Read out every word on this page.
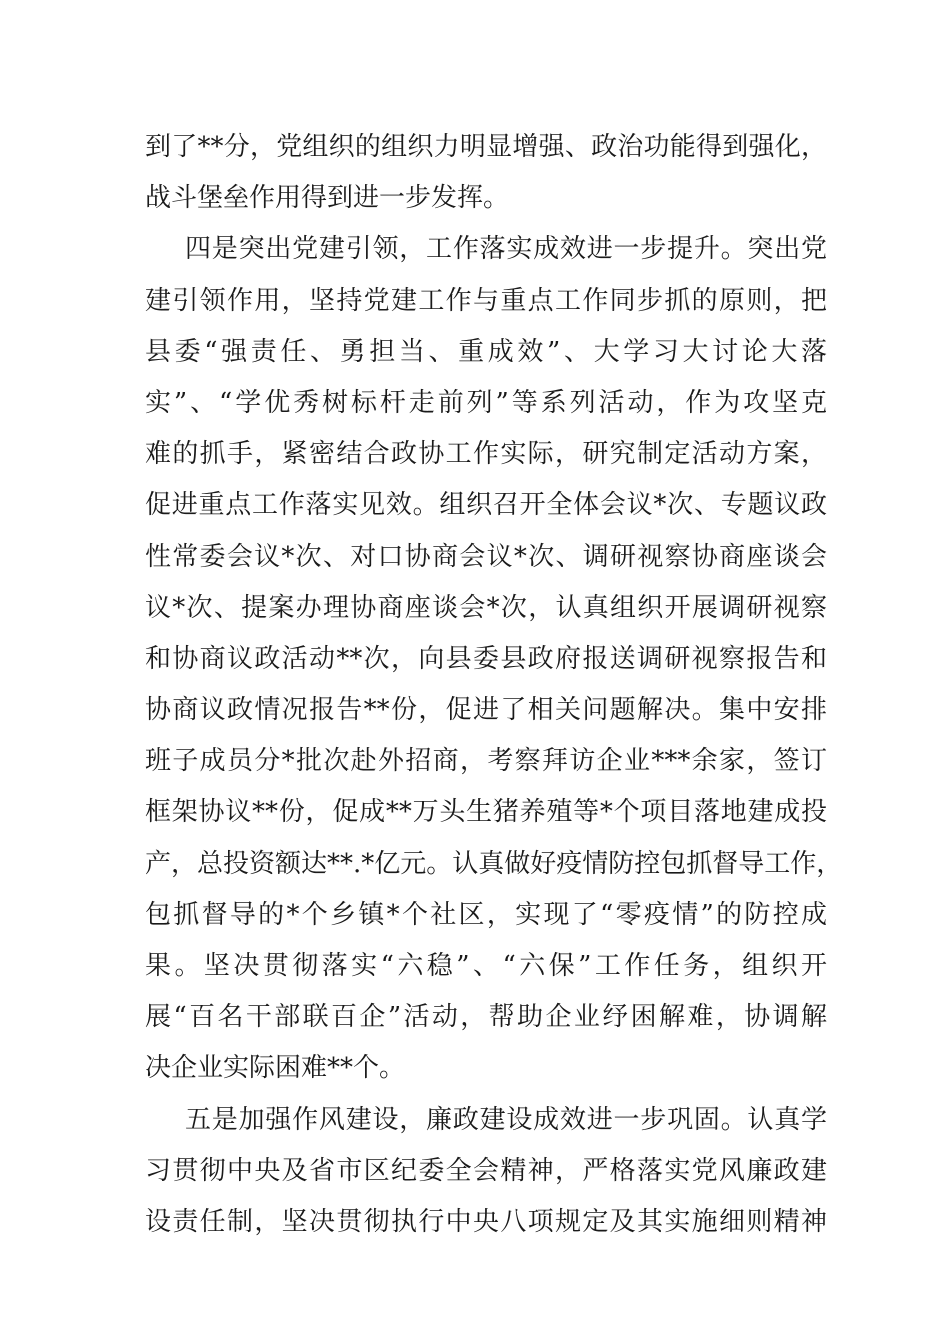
到了**分，党组织的组织力明显增强、政治功能得到强化，
战斗堡垒作用得到进一步发挥。
四是突出党建引领，工作落实成效进一步提升。突出党
建引领作用，坚持党建工作与重点工作同步抓的原则，把
县委“强责任、勇担当、重成效”、大学习大讨论大落
实”、“学优秀树标杆走前列”等系列活动，作为攻坚克
难的抓手，紧密结合政协工作实际，研究制定活动方案，
促进重点工作落实见效。组织召开全体会议*次、专题议政
性常委会议*次、对口协商会议*次、调研视察协商座谈会
议*次、提案办理协商座谈会*次，认真组织开展调研视察
和协商议政活动**次，向县委县政府报送调研视察报告和
协商议政情况报告**份，促进了相关问题解决。集中安排
班子成员分*批次赴外招商，考察拜访企业***余家，签订
框架协议**份，促成**万头生猪养殖等*个项目落地建成投
产，总投资额达**.*亿元。认真做好疫情防控包抓督导工作，
包抓督导的*个乡镇*个社区，实现了“零疫情”的防控成
果。坚决贯彻落实“六稳”、“六保”工作任务，组织开
展“百名干部联百企”活动，帮助企业纾困解难，协调解
决企业实际困难**个。
五是加强作风建设，廉政建设成效进一步巩固。认真学
习贯彻中央及省市区纪委全会精神，严格落实党风廉政建
设责任制，坚决贯彻执行中央八项规定及其实施细则精神
